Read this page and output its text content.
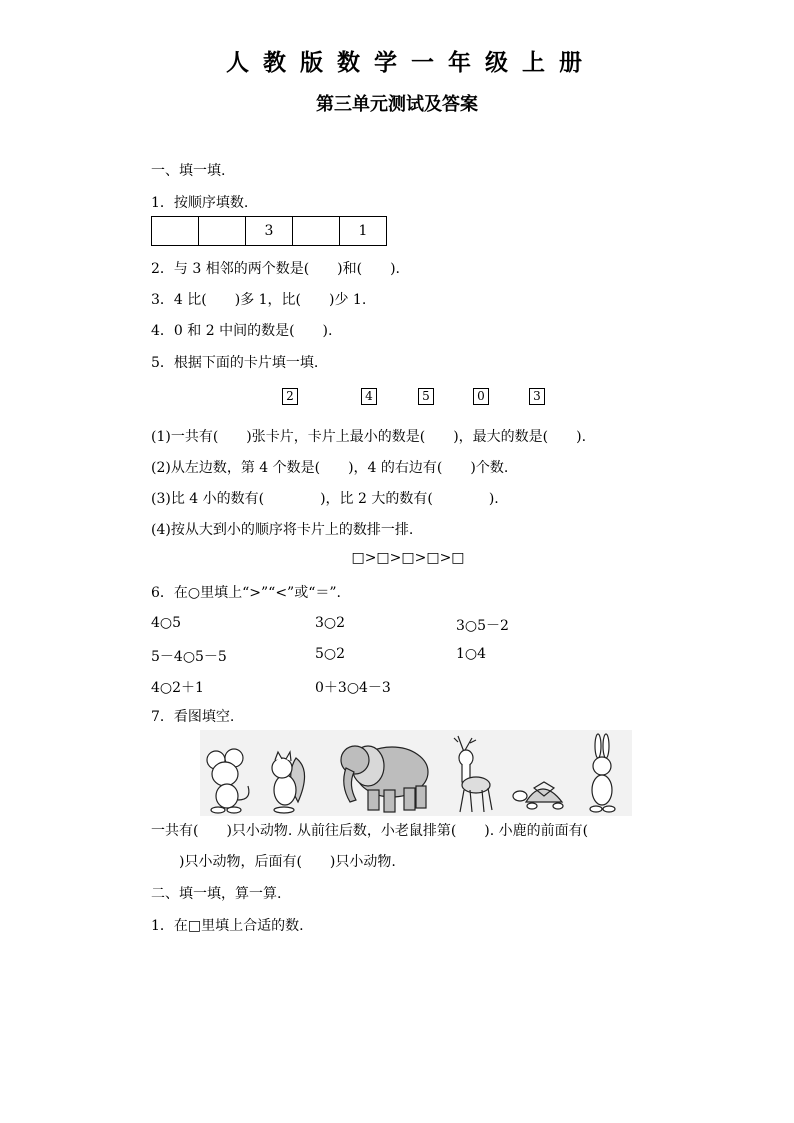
人教版数学一年级上册
第三单元测试及答案
一、填一填.
1．按顺序填数.
		3		1
2．与 3 相邻的两个数是(　　)和(　　).
3．4 比(　　)多 1，比(　　)少 1.
4．0 和 2 中间的数是(　　).
5．根据下面的卡片填一填.
2	4	5	0	3
(1)一共有(　　)张卡片，卡片上最小的数是(　　)，最大的数是(　　).
(2)从左边数，第 4 个数是(　　)，4 的右边有(　　)个数.
(3)比 4 小的数有(　　　　)，比 2 大的数有(　　　　).
(4)按从大到小的顺序将卡片上的数排一排.
□>□>□>□>□
6．在○里填上“>”“<”或“＝”.
4○5	3○2	3○5－2
5－4○5－5	5○2	1○4
4○2＋1	0＋3○4－3
7．看图填空.
一共有(　　)只小动物. 从前往后数，小老鼠排第(　　). 小鹿的前面有(
　　)只小动物，后面有(　　)只小动物.
二、填一填，算一算.
1．在□里填上合适的数.
